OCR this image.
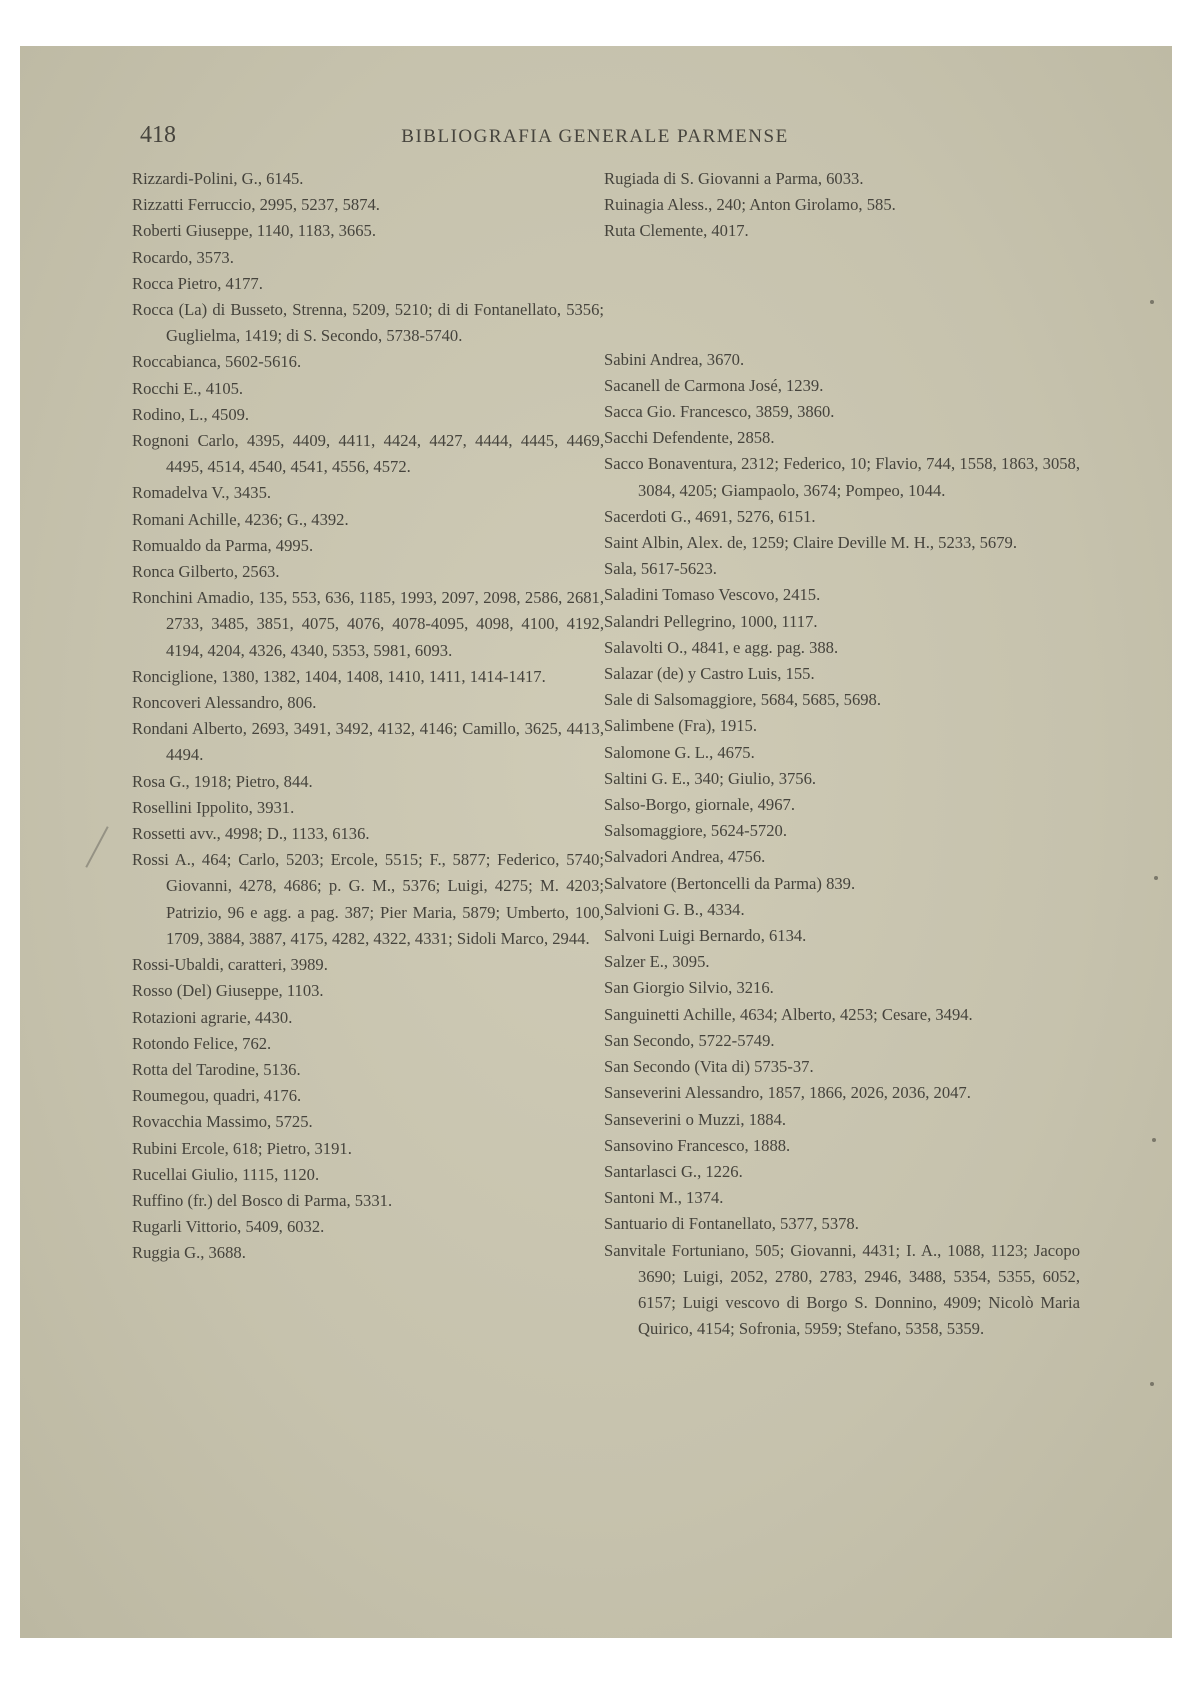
418	BIBLIOGRAFIA GENERALE PARMENSE
Rizzardi-Polini, G., 6145.
Rizzatti Ferruccio, 2995, 5237, 5874.
Roberti Giuseppe, 1140, 1183, 3665.
Rocardo, 3573.
Rocca Pietro, 4177.
Rocca (La) di Busseto, Strenna, 5209, 5210; di di Fontanellato, 5356; Guglielma, 1419; di S. Secondo, 5738-5740.
Roccabianca, 5602-5616.
Rocchi E., 4105.
Rodino, L., 4509.
Rognoni Carlo, 4395, 4409, 4411, 4424, 4427, 4444, 4445, 4469, 4495, 4514, 4540, 4541, 4556, 4572.
Romadelva V., 3435.
Romani Achille, 4236; G., 4392.
Romualdo da Parma, 4995.
Ronca Gilberto, 2563.
Ronchini Amadio, 135, 553, 636, 1185, 1993, 2097, 2098, 2586, 2681, 2733, 3485, 3851, 4075, 4076, 4078-4095, 4098, 4100, 4192, 4194, 4204, 4326, 4340, 5353, 5981, 6093.
Ronciglione, 1380, 1382, 1404, 1408, 1410, 1411, 1414-1417.
Roncoveri Alessandro, 806.
Rondani Alberto, 2693, 3491, 3492, 4132, 4146; Camillo, 3625, 4413, 4494.
Rosa G., 1918; Pietro, 844.
Rosellini Ippolito, 3931.
Rossetti avv., 4998; D., 1133, 6136.
Rossi A., 464; Carlo, 5203; Ercole, 5515; F., 5877; Federico, 5740; Giovanni, 4278, 4686; p. G. M., 5376; Luigi, 4275; M. 4203; Patrizio, 96 e agg. a pag. 387; Pier Maria, 5879; Umberto, 100, 1709, 3884, 3887, 4175, 4282, 4322, 4331; Sidoli Marco, 2944.
Rossi-Ubaldi, caratteri, 3989.
Rosso (Del) Giuseppe, 1103.
Rotazioni agrarie, 4430.
Rotondo Felice, 762.
Rotta del Tarodine, 5136.
Roumegou, quadri, 4176.
Rovacchia Massimo, 5725.
Rubini Ercole, 618; Pietro, 3191.
Rucellai Giulio, 1115, 1120.
Ruffino (fr.) del Bosco di Parma, 5331.
Rugarli Vittorio, 5409, 6032.
Ruggia G., 3688.
Rugiada di S. Giovanni a Parma, 6033.
Ruinagia Aless., 240; Anton Girolamo, 585.
Ruta Clemente, 4017.
Sabini Andrea, 3670.
Sacanell de Carmona José, 1239.
Sacca Gio. Francesco, 3859, 3860.
Sacchi Defendente, 2858.
Sacco Bonaventura, 2312; Federico, 10; Flavio, 744, 1558, 1863, 3058, 3084, 4205; Giampaolo, 3674; Pompeo, 1044.
Sacerdoti G., 4691, 5276, 6151.
Saint Albin, Alex. de, 1259; Claire Deville M. H., 5233, 5679.
Sala, 5617-5623.
Saladini Tomaso Vescovo, 2415.
Salandri Pellegrino, 1000, 1117.
Salavolti O., 4841, e agg. pag. 388.
Salazar (de) y Castro Luis, 155.
Sale di Salsomaggiore, 5684, 5685, 5698.
Salimbene (Fra), 1915.
Salomone G. L., 4675.
Saltini G. E., 340; Giulio, 3756.
Salso-Borgo, giornale, 4967.
Salsomaggiore, 5624-5720.
Salvadori Andrea, 4756.
Salvatore (Bertoncelli da Parma) 839.
Salvioni G. B., 4334.
Salvoni Luigi Bernardo, 6134.
Salzer E., 3095.
San Giorgio Silvio, 3216.
Sanguinetti Achille, 4634; Alberto, 4253; Cesare, 3494.
San Secondo, 5722-5749.
San Secondo (Vita di) 5735-37.
Sanseverini Alessandro, 1857, 1866, 2026, 2036, 2047.
Sanseverini o Muzzi, 1884.
Sansovino Francesco, 1888.
Santarlasci G., 1226.
Santoni M., 1374.
Santuario di Fontanellato, 5377, 5378.
Sanvitale Fortuniano, 505; Giovanni, 4431; I. A., 1088, 1123; Jacopo 3690; Luigi, 2052, 2780, 2783, 2946, 3488, 5354, 5355, 6052, 6157; Luigi vescovo di Borgo S. Donnino, 4909; Nicolò Maria Quirico, 4154; Sofronia, 5959; Stefano, 5358, 5359.
